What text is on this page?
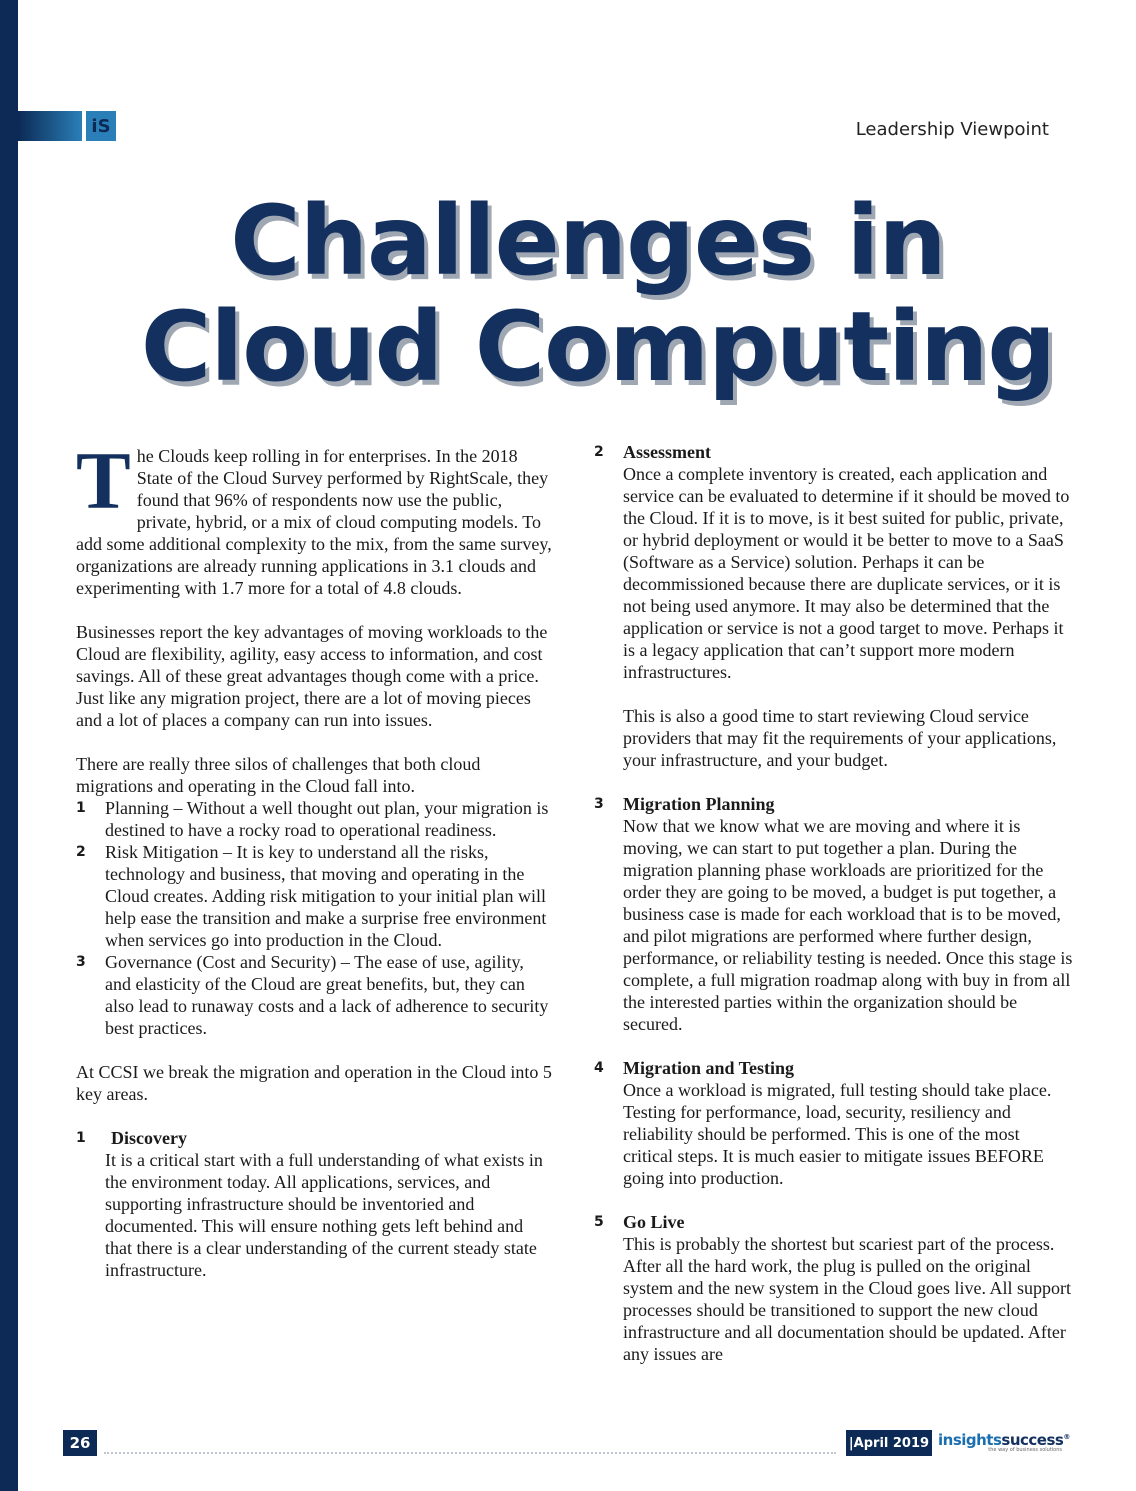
iS	Leadership Viewpoint
Challenges in
Cloud Computing

The Clouds keep rolling in for enterprises. In the 2018 State of the Cloud Survey performed by RightScale, they found that 96% of respondents now use the public, private, hybrid, or a mix of cloud computing models. To add some additional complexity to the mix, from the same survey, organizations are already running applications in 3.1 clouds and experimenting with 1.7 more for a total of 4.8 clouds.

Businesses report the key advantages of moving workloads to the Cloud are flexibility, agility, easy access to information, and cost savings. All of these great advantages though come with a price. Just like any migration project, there are a lot of moving pieces and a lot of places a company can run into issues.

There are really three silos of challenges that both cloud migrations and operating in the Cloud fall into.
1 Planning – Without a well thought out plan, your migration is destined to have a rocky road to operational readiness.
2 Risk Mitigation – It is key to understand all the risks, technology and business, that moving and operating in the Cloud creates. Adding risk mitigation to your initial plan will help ease the transition and make a surprise free environment when services go into production in the Cloud.
3 Governance (Cost and Security) – The ease of use, agility, and elasticity of the Cloud are great benefits, but, they can also lead to runaway costs and a lack of adherence to security best practices.

At CCSI we break the migration and operation in the Cloud into 5 key areas.

1	Discovery
It is a critical start with a full understanding of what exists in the environment today. All applications, services, and supporting infrastructure should be inventoried and documented. This will ensure nothing gets left behind and that there is a clear understanding of the current steady state infrastructure.
2 Assessment
Once a complete inventory is created, each application and service can be evaluated to determine if it should be moved to the Cloud. If it is to move, is it best suited for public, private, or hybrid deployment or would it be better to move to a SaaS (Software as a Service) solution. Perhaps it can be decommissioned because there are duplicate services, or it is not being used anymore. It may also be determined that the application or service is not a good target to move. Perhaps it is a legacy application that can’t support more modern infrastructures.
This is also a good time to start reviewing Cloud service providers that may fit the requirements of your applications, your infrastructure, and your budget.
3 Migration Planning
Now that we know what we are moving and where it is moving, we can start to put together a plan. During the migration planning phase workloads are prioritized for the order they are going to be moved, a budget is put together, a business case is made for each workload that is to be moved, and pilot migrations are performed where further design, performance, or reliability testing is needed. Once this stage is complete, a full migration roadmap along with buy in from all the interested parties within the organization should be secured.
4 Migration and Testing
Once a workload is migrated, full testing should take place. Testing for performance, load, security, resiliency and reliability should be performed. This is one of the most critical steps. It is much easier to mitigate issues BEFORE going into production.
5 Go Live
This is probably the shortest but scariest part of the process. After all the hard work, the plug is pulled on the original system and the new system in the Cloud goes live. All support processes should be transitioned to support the new cloud infrastructure and all documentation should be updated. After any issues are
26	|April 2019 insightssuccess®
the way of business solutions
